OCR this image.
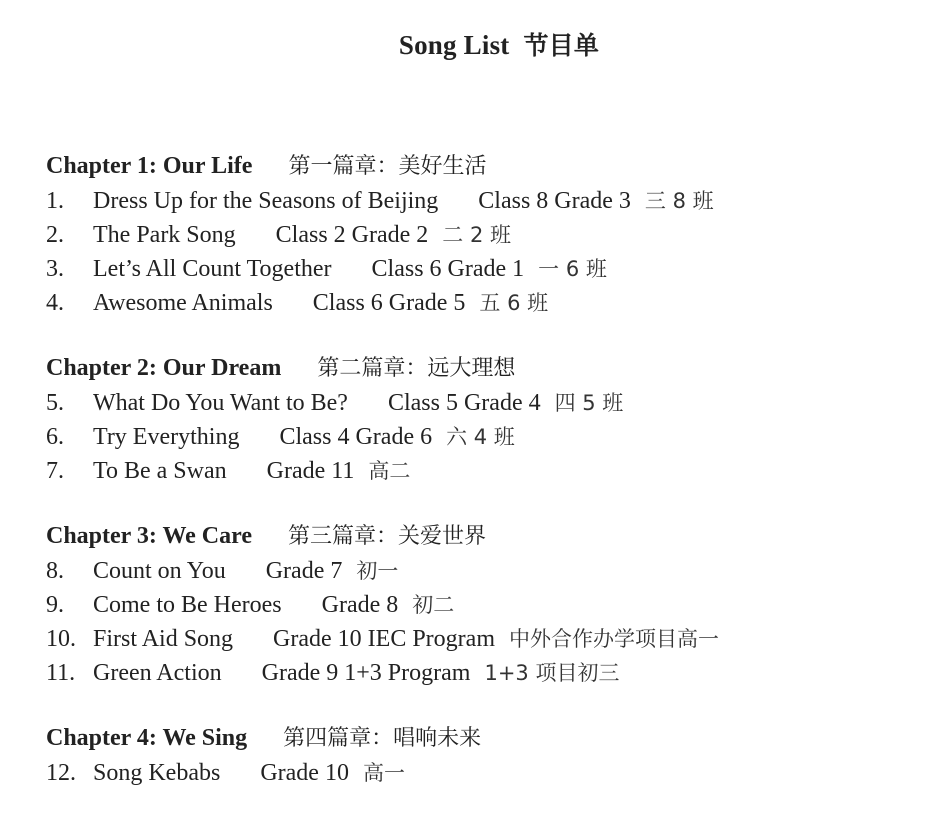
Song List 节目单
Chapter 1: Our Life 第一篇章：美好生活
1.	Dress Up for the Seasons of Beijing Class 8 Grade 3 三 8 班
2.	The Park Song Class 2 Grade 2 二 2 班
3.	Let’s All Count Together Class 6 Grade 1 一 6 班
4.	Awesome Animals Class 6 Grade 5 五 6 班
Chapter 2: Our Dream 第二篇章：远大理想
5.	What Do You Want to Be? Class 5 Grade 4 四 5 班
6.	Try Everything Class 4 Grade 6 六 4 班
7.	To Be a Swan Grade 11 高二
Chapter 3: We Care 第三篇章：关爱世界
8.	Count on You Grade 7 初一
9.	Come to Be Heroes Grade 8 初二
10. First Aid Song Grade 10 IEC Program 中外合作办学项目高一
11. Green Action Grade 9 1+3 Program 1+3 项目初三
Chapter 4: We Sing 第四篇章：唱响未来
12. Song Kebabs Grade 10 高一
